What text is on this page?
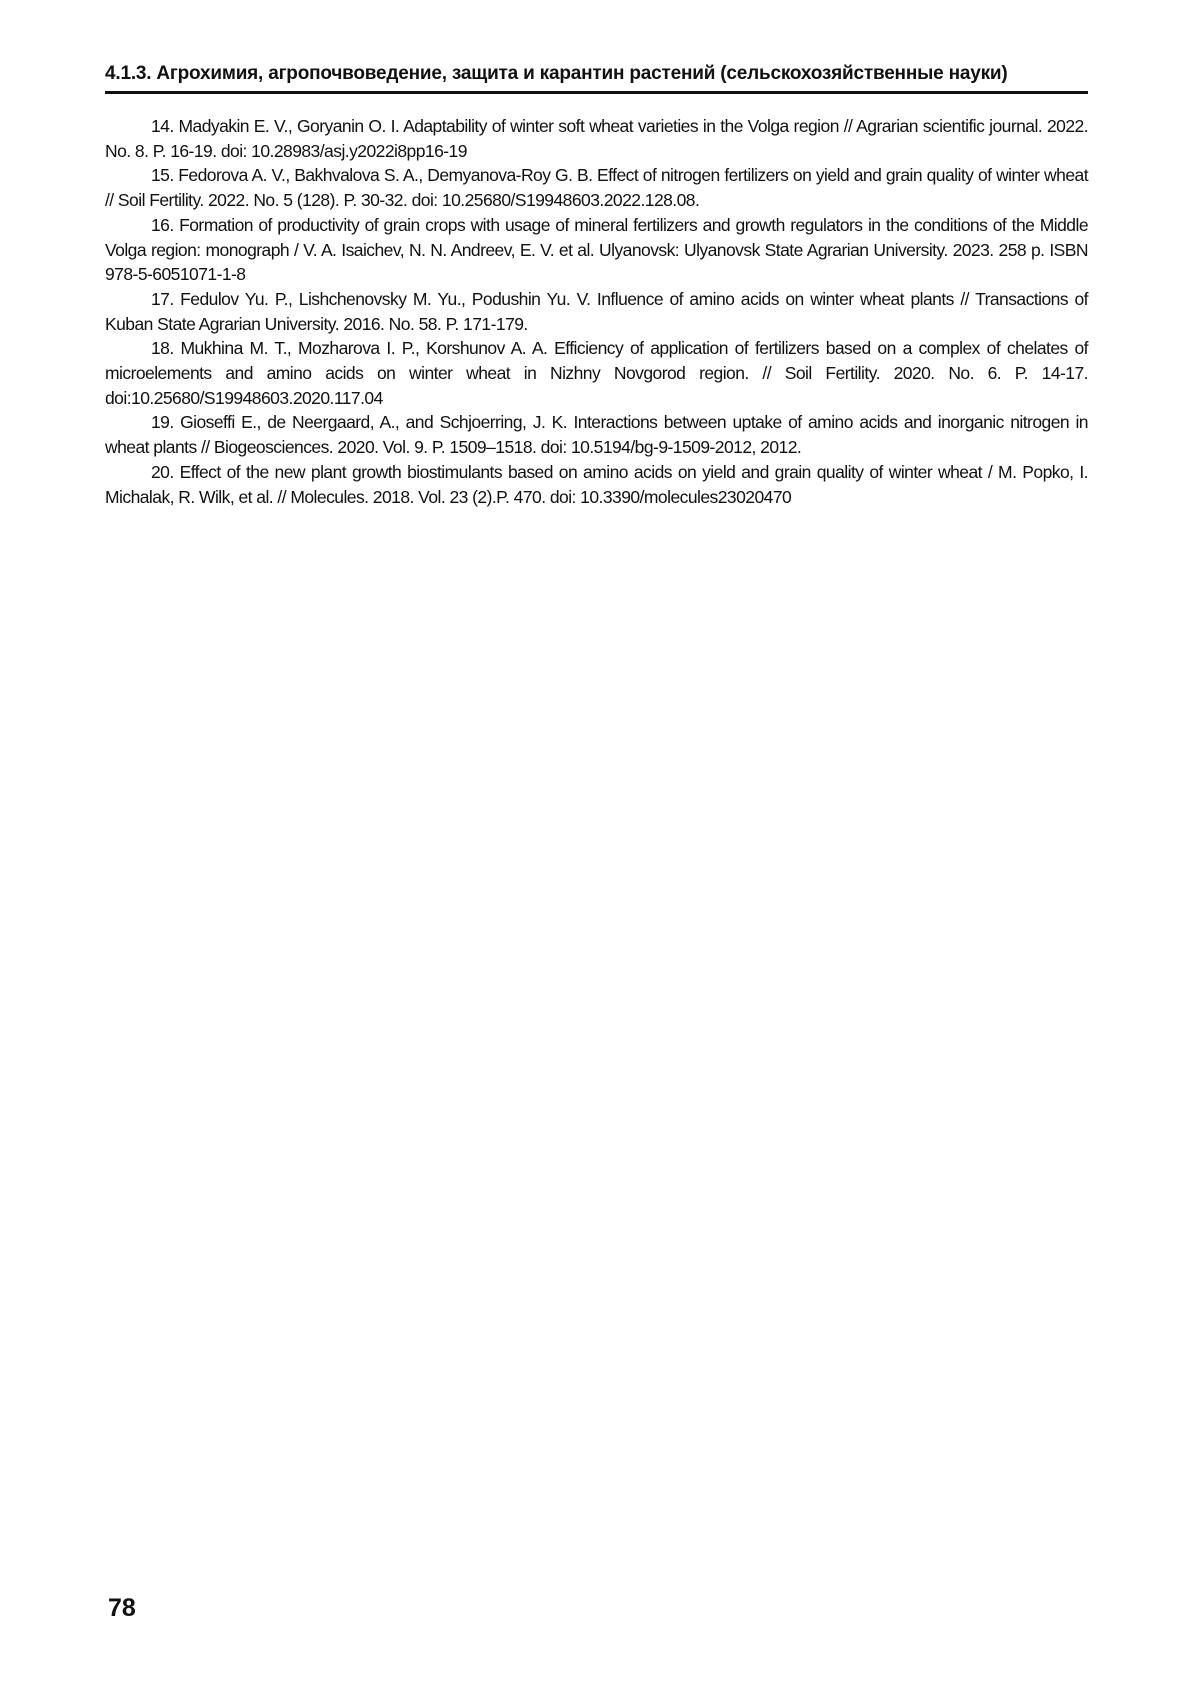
4.1.3. Агрохимия, агропочвоведение, защита и карантин растений (сельскохозяйственные науки)

14. Madyakin E. V., Goryanin O. I. Adaptability of winter soft wheat varieties in the Volga region // Agrarian scientific journal. 2022. No. 8. P. 16-19. doi: 10.28983/asj.y2022i8pp16-19

15. Fedorova A. V., Bakhvalova S. A., Demyanova-Roy G. B. Effect of nitrogen fertilizers on yield and grain quality of winter wheat // Soil Fertility. 2022. No. 5 (128). P. 30-32. doi: 10.25680/S19948603.2022.128.08.

16. Formation of productivity of grain crops with usage of mineral fertilizers and growth regulators in the conditions of the Middle Volga region: monograph / V. A. Isaichev, N. N. Andreev, E. V. et al. Ulyanovsk: Ulyanovsk State Agrarian University. 2023. 258 p. ISBN 978-5-6051071-1-8

17. Fedulov Yu. P., Lishchenovsky M. Yu., Podushin Yu. V. Influence of amino acids on winter wheat plants // Transactions of Kuban State Agrarian University. 2016. No. 58. P. 171-179.

18. Mukhina M. T., Mozharova I. P., Korshunov A. A. Efficiency of application of fertilizers based on a complex of chelates of microelements and amino acids on winter wheat in Nizhny Novgorod region. // Soil Fertility. 2020. No. 6. P. 14-17. doi:10.25680/S19948603.2020.117.04

19. Gioseffi E., de Neergaard, A., and Schjoerring, J. K. Interactions between uptake of amino acids and inorganic nitrogen in wheat plants // Biogeosciences. 2020. Vol. 9. P. 1509–1518. doi: 10.5194/bg-9-1509-2012, 2012.

20. Effect of the new plant growth biostimulants based on amino acids on yield and grain quality of winter wheat / M. Popko, I. Michalak, R. Wilk, et al. // Molecules. 2018. Vol. 23 (2).P. 470. doi: 10.3390/molecules23020470

78
